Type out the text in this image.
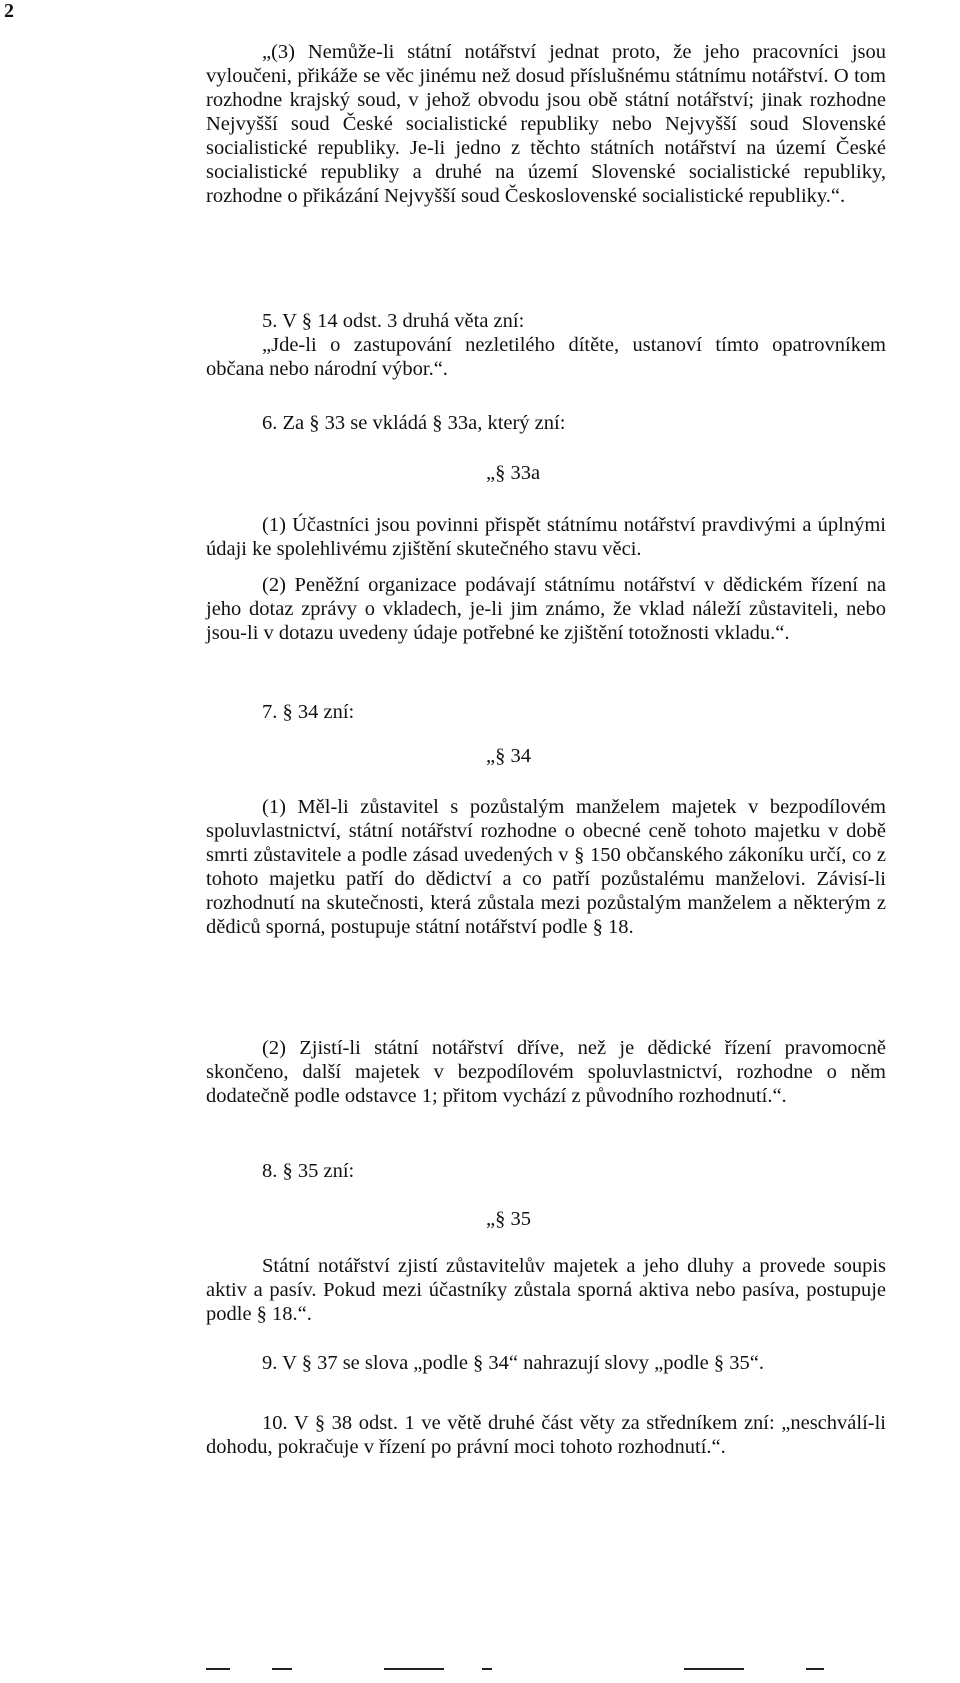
2

„(3) Nemůže-li státní notářství jednat proto, že jeho pracovníci jsou vyloučeni, přikáže se věc jinému než dosud příslušnému státnímu notářství. O tom rozhodne krajský soud, v jehož obvodu jsou obě státní notářství; jinak rozhodne Nejvyšší soud České socialistické republiky nebo Nejvyšší soud Slovenské socialistické republiky. Je-li jedno z těchto státních notářství na území České socialistické republiky a druhé na území Slovenské socialistické republiky, rozhodne o přikázání Nejvyšší soud Československé socialistické republiky.“.

5. V § 14 odst. 3 druhá věta zní:

„Jde-li o zastupování nezletilého dítěte, ustanoví tímto opatrovníkem občana nebo národní výbor.“.

6. Za § 33 se vkládá § 33a, který zní:

„§ 33a

(1) Účastníci jsou povinni přispět státnímu notářství pravdivými a úplnými údaji ke spolehlivému zjištění skutečného stavu věci.

(2) Peněžní organizace podávají státnímu notářství v dědickém řízení na jeho dotaz zprávy o vkladech, je-li jim známo, že vklad náleží zůstaviteli, nebo jsou-li v dotazu uvedeny údaje potřebné ke zjištění totožnosti vkladu.“.

7. § 34 zní:

„§ 34

(1) Měl-li zůstavitel s pozůstalým manželem majetek v bezpodílovém spoluvlastnictví, státní notářství rozhodne o obecné ceně tohoto majetku v době smrti zůstavitele a podle zásad uvedených v § 150 občanského zákoníku určí, co z tohoto majetku patří do dědictví a co patří pozůstalému manželovi. Závisí-li rozhodnutí na skutečnosti, která zůstala mezi pozůstalým manželem a některým z dědiců sporná, postupuje státní notářství podle § 18.

(2) Zjistí-li státní notářství dříve, než je dědické řízení pravomocně skončeno, další majetek v bezpodílovém spoluvlastnictví, rozhodne o něm dodatečně podle odstavce 1; přitom vychází z původního rozhodnutí.“.

8. § 35 zní:

„§ 35

Státní notářství zjistí zůstavitelův majetek a jeho dluhy a provede soupis aktiv a pasív. Pokud mezi účastníky zůstala sporná aktiva nebo pasíva, postupuje podle § 18.“.

9. V § 37 se slova „podle § 34“ nahrazují slovy „podle § 35“.

10. V § 38 odst. 1 ve větě druhé část věty za středníkem zní: „neschválí-li dohodu, pokračuje v řízení po právní moci tohoto rozhodnutí.“.
